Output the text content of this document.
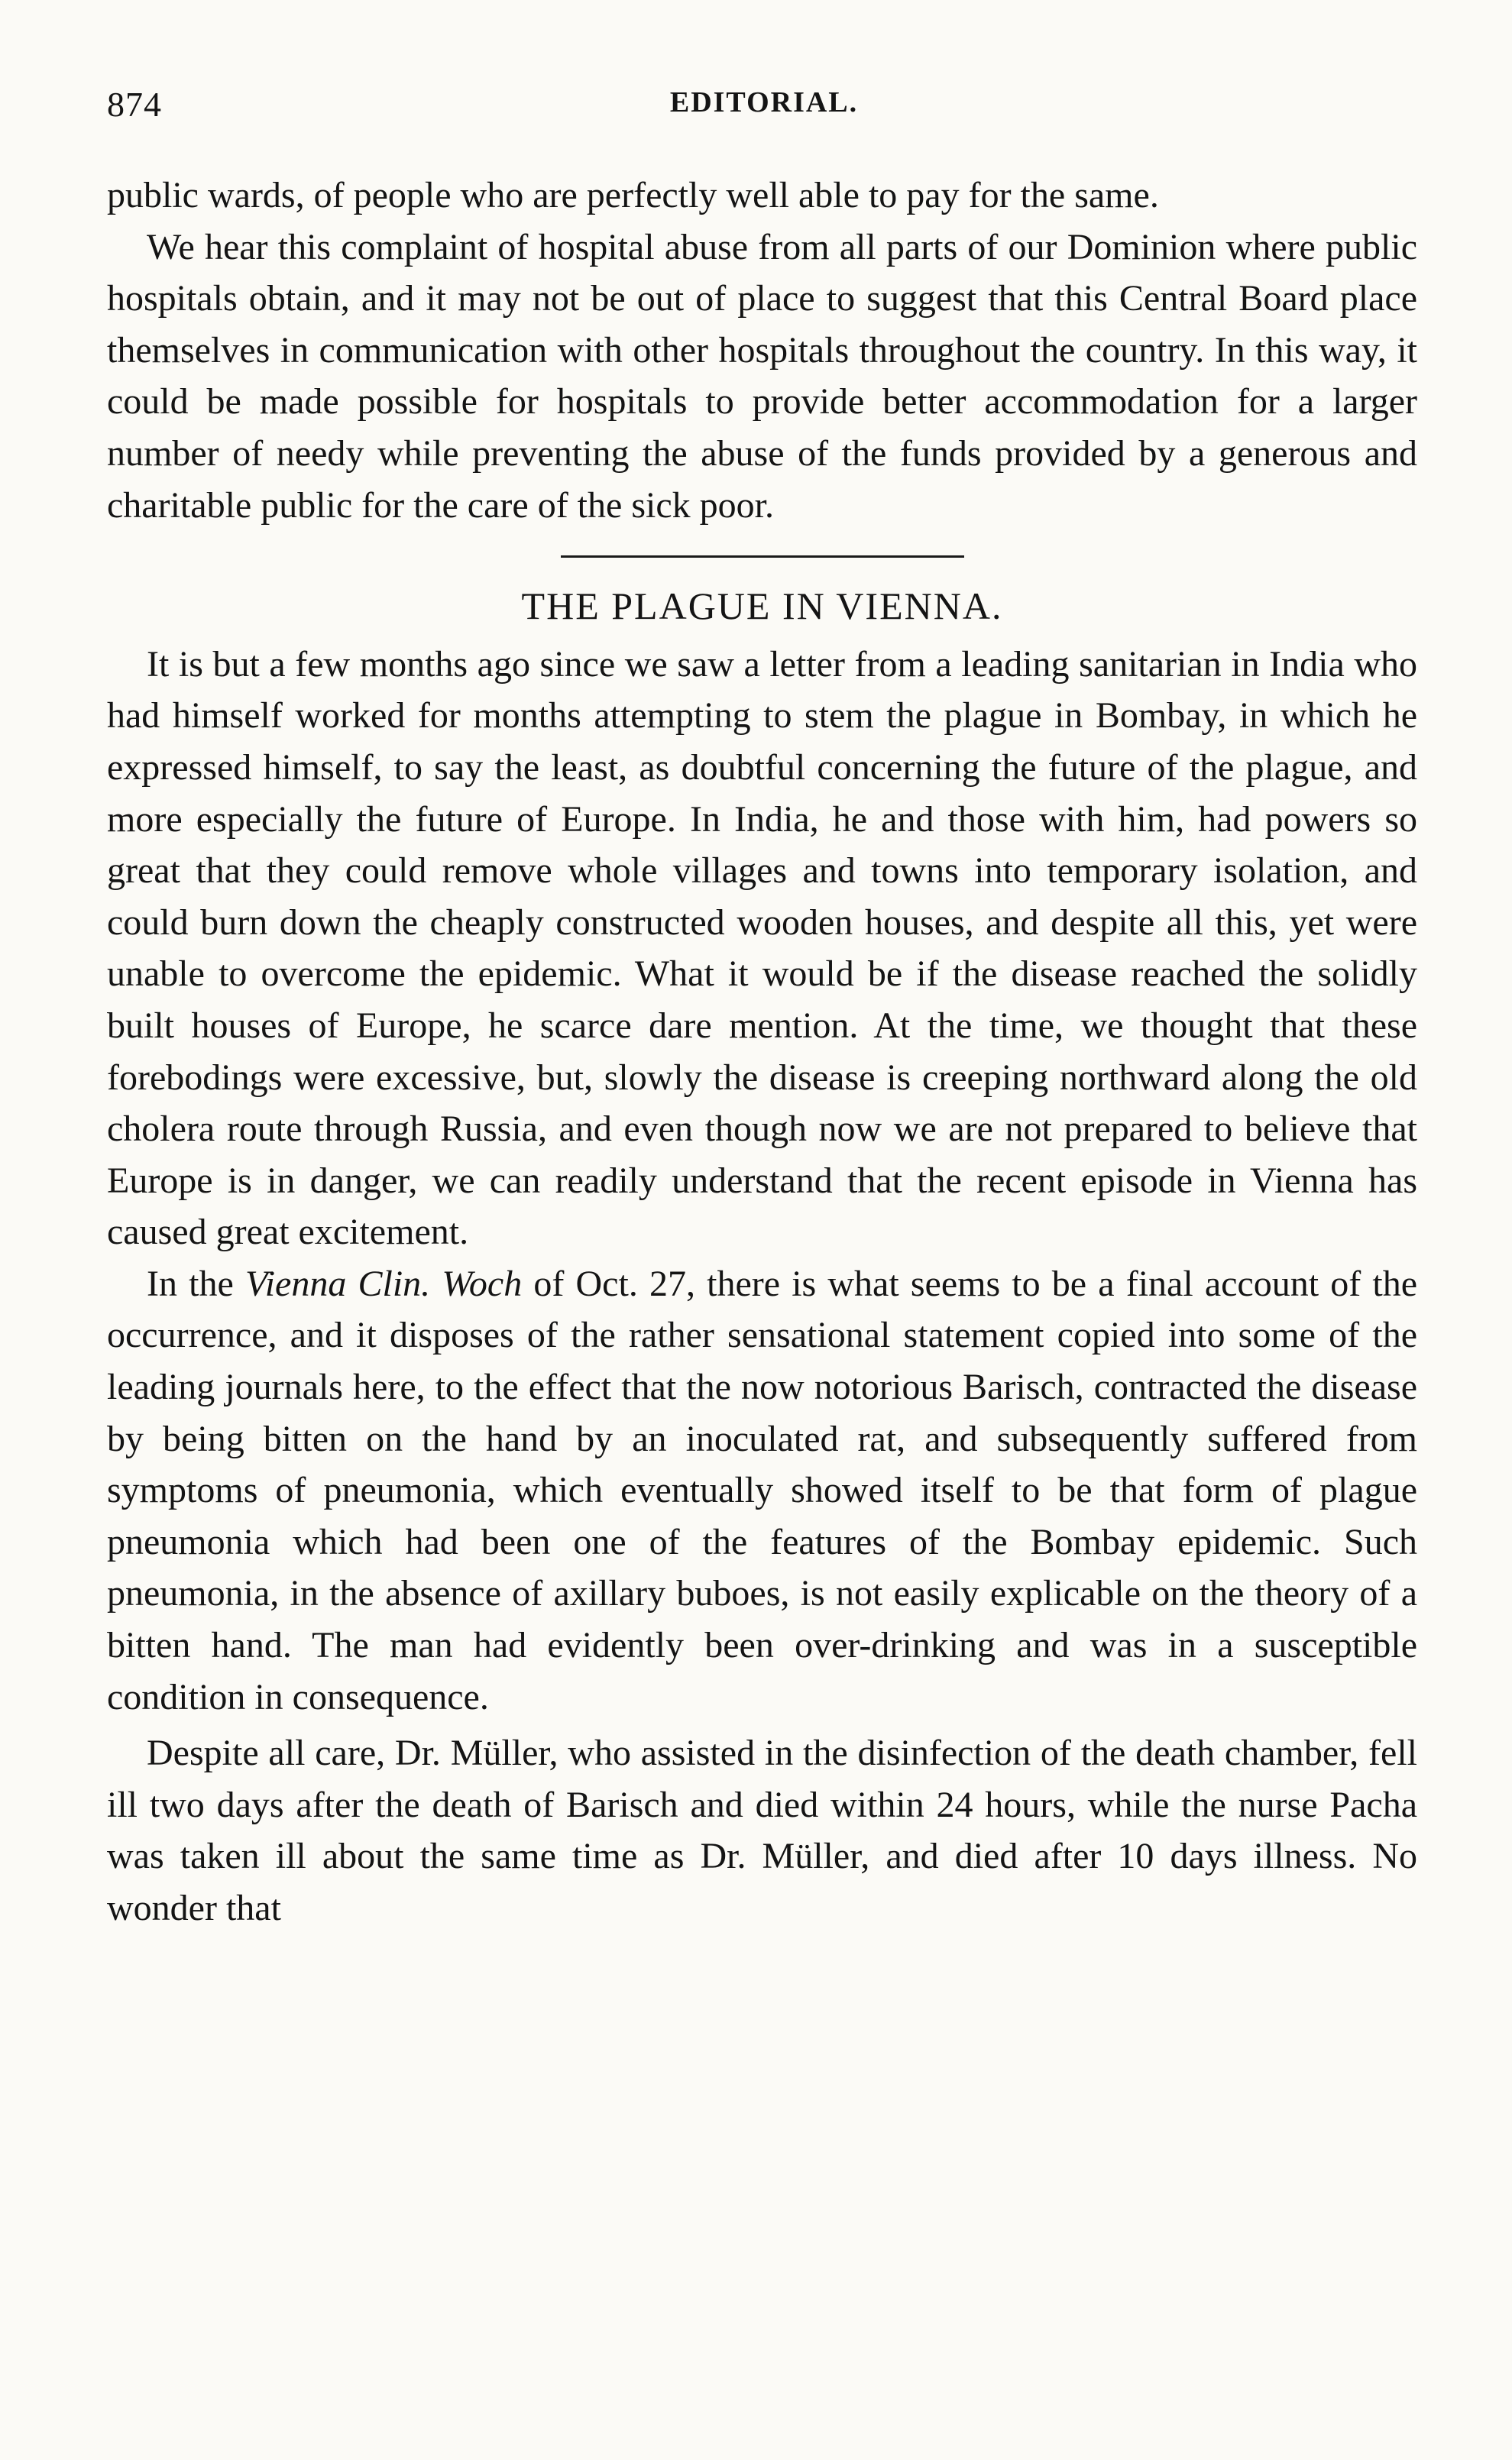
874	EDITORIAL.

public wards, of people who are perfectly well able to pay for the same.

We hear this complaint of hospital abuse from all parts of our Dominion where public hospitals obtain, and it may not be out of place to suggest that this Central Board place themselves in communication with other hospitals throughout the country. In this way, it could be made possible for hospitals to provide better accommodation for a larger number of needy while preventing the abuse of the funds provided by a generous and charitable public for the care of the sick poor.

THE PLAGUE IN VIENNA.

It is but a few months ago since we saw a letter from a leading sanitarian in India who had himself worked for months attempting to stem the plague in Bombay, in which he expressed himself, to say the least, as doubtful concerning the future of the plague, and more especially the future of Europe. In India, he and those with him, had powers so great that they could remove whole villages and towns into temporary isolation, and could burn down the cheaply constructed wooden houses, and despite all this, yet were unable to overcome the epidemic. What it would be if the disease reached the solidly built houses of Europe, he scarce dare mention. At the time, we thought that these forebodings were excessive, but, slowly the disease is creeping northward along the old cholera route through Russia, and even though now we are not prepared to believe that Europe is in danger, we can readily understand that the recent episode in Vienna has caused great excitement.

In the Vienna Clin. Woch of Oct. 27, there is what seems to be a final account of the occurrence, and it disposes of the rather sensational statement copied into some of the leading journals here, to the effect that the now notorious Barisch, contracted the disease by being bitten on the hand by an inoculated rat, and subsequently suffered from symptoms of pneumonia, which eventually showed itself to be that form of plague pneumonia which had been one of the features of the Bombay epidemic. Such pneumonia, in the absence of axillary buboes, is not easily explicable on the theory of a bitten hand. The man had evidently been over-drinking and was in a susceptible condition in consequence.

Despite all care, Dr. Müller, who assisted in the disinfection of the death chamber, fell ill two days after the death of Barisch and died within 24 hours, while the nurse Pacha was taken ill about the same time as Dr. Müller, and died after 10 days illness. No wonder that
